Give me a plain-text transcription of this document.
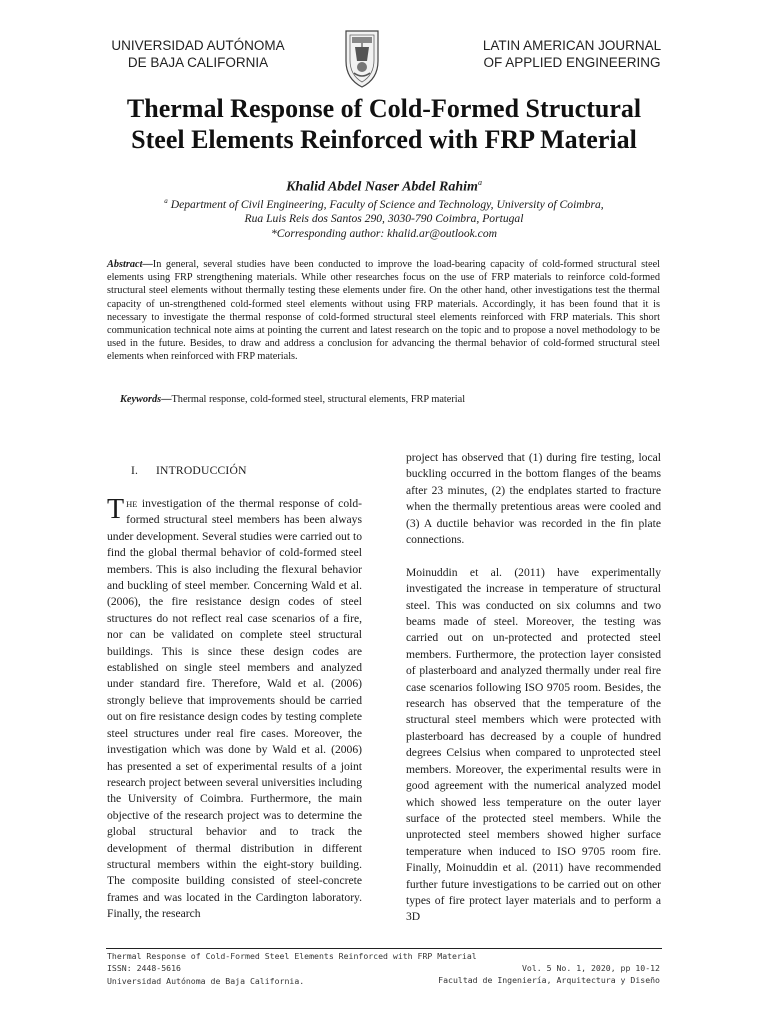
UNIVERSIDAD AUTÓNOMA
DE BAJA CALIFORNIA
LATIN AMERICAN JOURNAL
OF APPLIED ENGINEERING
Thermal Response of Cold-Formed Structural
Steel Elements Reinforced with FRP Material
Khalid Abdel Naser Abdel Rahim$^a$
$^a$ Department of Civil Engineering, Faculty of Science and Technology, University of Coimbra,
Rua Luis Reis dos Santos 290, 3030-790 Coimbra, Portugal
*Corresponding author: khalid.ar@outlook.com
Abstract—In general, several studies have been conducted to improve the load-bearing capacity of cold-formed structural steel elements using FRP strengthening materials. While other researches focus on the use of FRP materials to reinforce cold-formed structural steel elements without thermally testing these elements under fire. On the other hand, other investigations test the thermal capacity of un-strengthened cold-formed steel elements without using FRP materials. Accordingly, it has been found that it is necessary to investigate the thermal response of cold-formed structural steel elements reinforced with FRP materials. This short communication technical note aims at pointing the current and latest research on the topic and to propose a novel methodology to be used in the future. Besides, to draw and address a conclusion for advancing the thermal behavior of cold-formed structural steel elements when reinforced with FRP materials.
Keywords—Thermal response, cold-formed steel, structural elements, FRP material
I. INTRODUCCIÓN

THE investigation of the thermal response of cold-formed structural steel members has been always under development. Several studies were carried out to find the global thermal behavior of cold-formed steel members. This is also including the flexural behavior and buckling of steel member. Concerning Wald et al. (2006), the fire resistance design codes of steel structures do not reflect real case scenarios of a fire, nor can be validated on complete steel structural buildings. This is since these design codes are established on single steel members and analyzed under standard fire. Therefore, Wald et al. (2006) strongly believe that improvements should be carried out on fire resistance design codes by testing complete steel structures under real fire cases. Moreover, the investigation which was done by Wald et al. (2006) has presented a set of experimental results of a joint research project between several universities including the University of Coimbra. Furthermore, the main objective of the research project was to determine the global structural behavior and to track the development of thermal distribution in different structural members within the eight-story building. The composite building consisted of steel-concrete frames and was located in the Cardington laboratory. Finally, the research

project has observed that (1) during fire testing, local buckling occurred in the bottom flanges of the beams after 23 minutes, (2) the endplates started to fracture when the thermally pretentious areas were cooled and (3) A ductile behavior was recorded in the fin plate connections.

Moinuddin et al. (2011) have experimentally investigated the increase in temperature of structural steel. This was conducted on six columns and two beams made of steel. Moreover, the testing was carried out on un-protected and protected steel members. Furthermore, the protection layer consisted of plasterboard and analyzed thermally under real fire case scenarios following ISO 9705 room. Besides, the research has observed that the temperature of the structural steel members which were protected with plasterboard has decreased by a couple of hundred degrees Celsius when compared to unprotected steel members. Moreover, the experimental results were in good agreement with the numerical analyzed model which showed less temperature on the outer layer surface of the protected steel members. While the unprotected steel members showed higher surface temperature when induced to ISO 9705 room fire. Finally, Moinuddin et al. (2011) have recommended further future investigations to be carried out on other types of fire protect layer materials and to perform a 3D

Thermal Response of Cold-Formed Steel Elements Reinforced with FRP Material
ISSN: 2448-5616
Universidad Autónoma de Baja California.
Vol. 5 No. 1, 2020, pp 10-12
Facultad de Ingeniería, Arquitectura y Diseño
